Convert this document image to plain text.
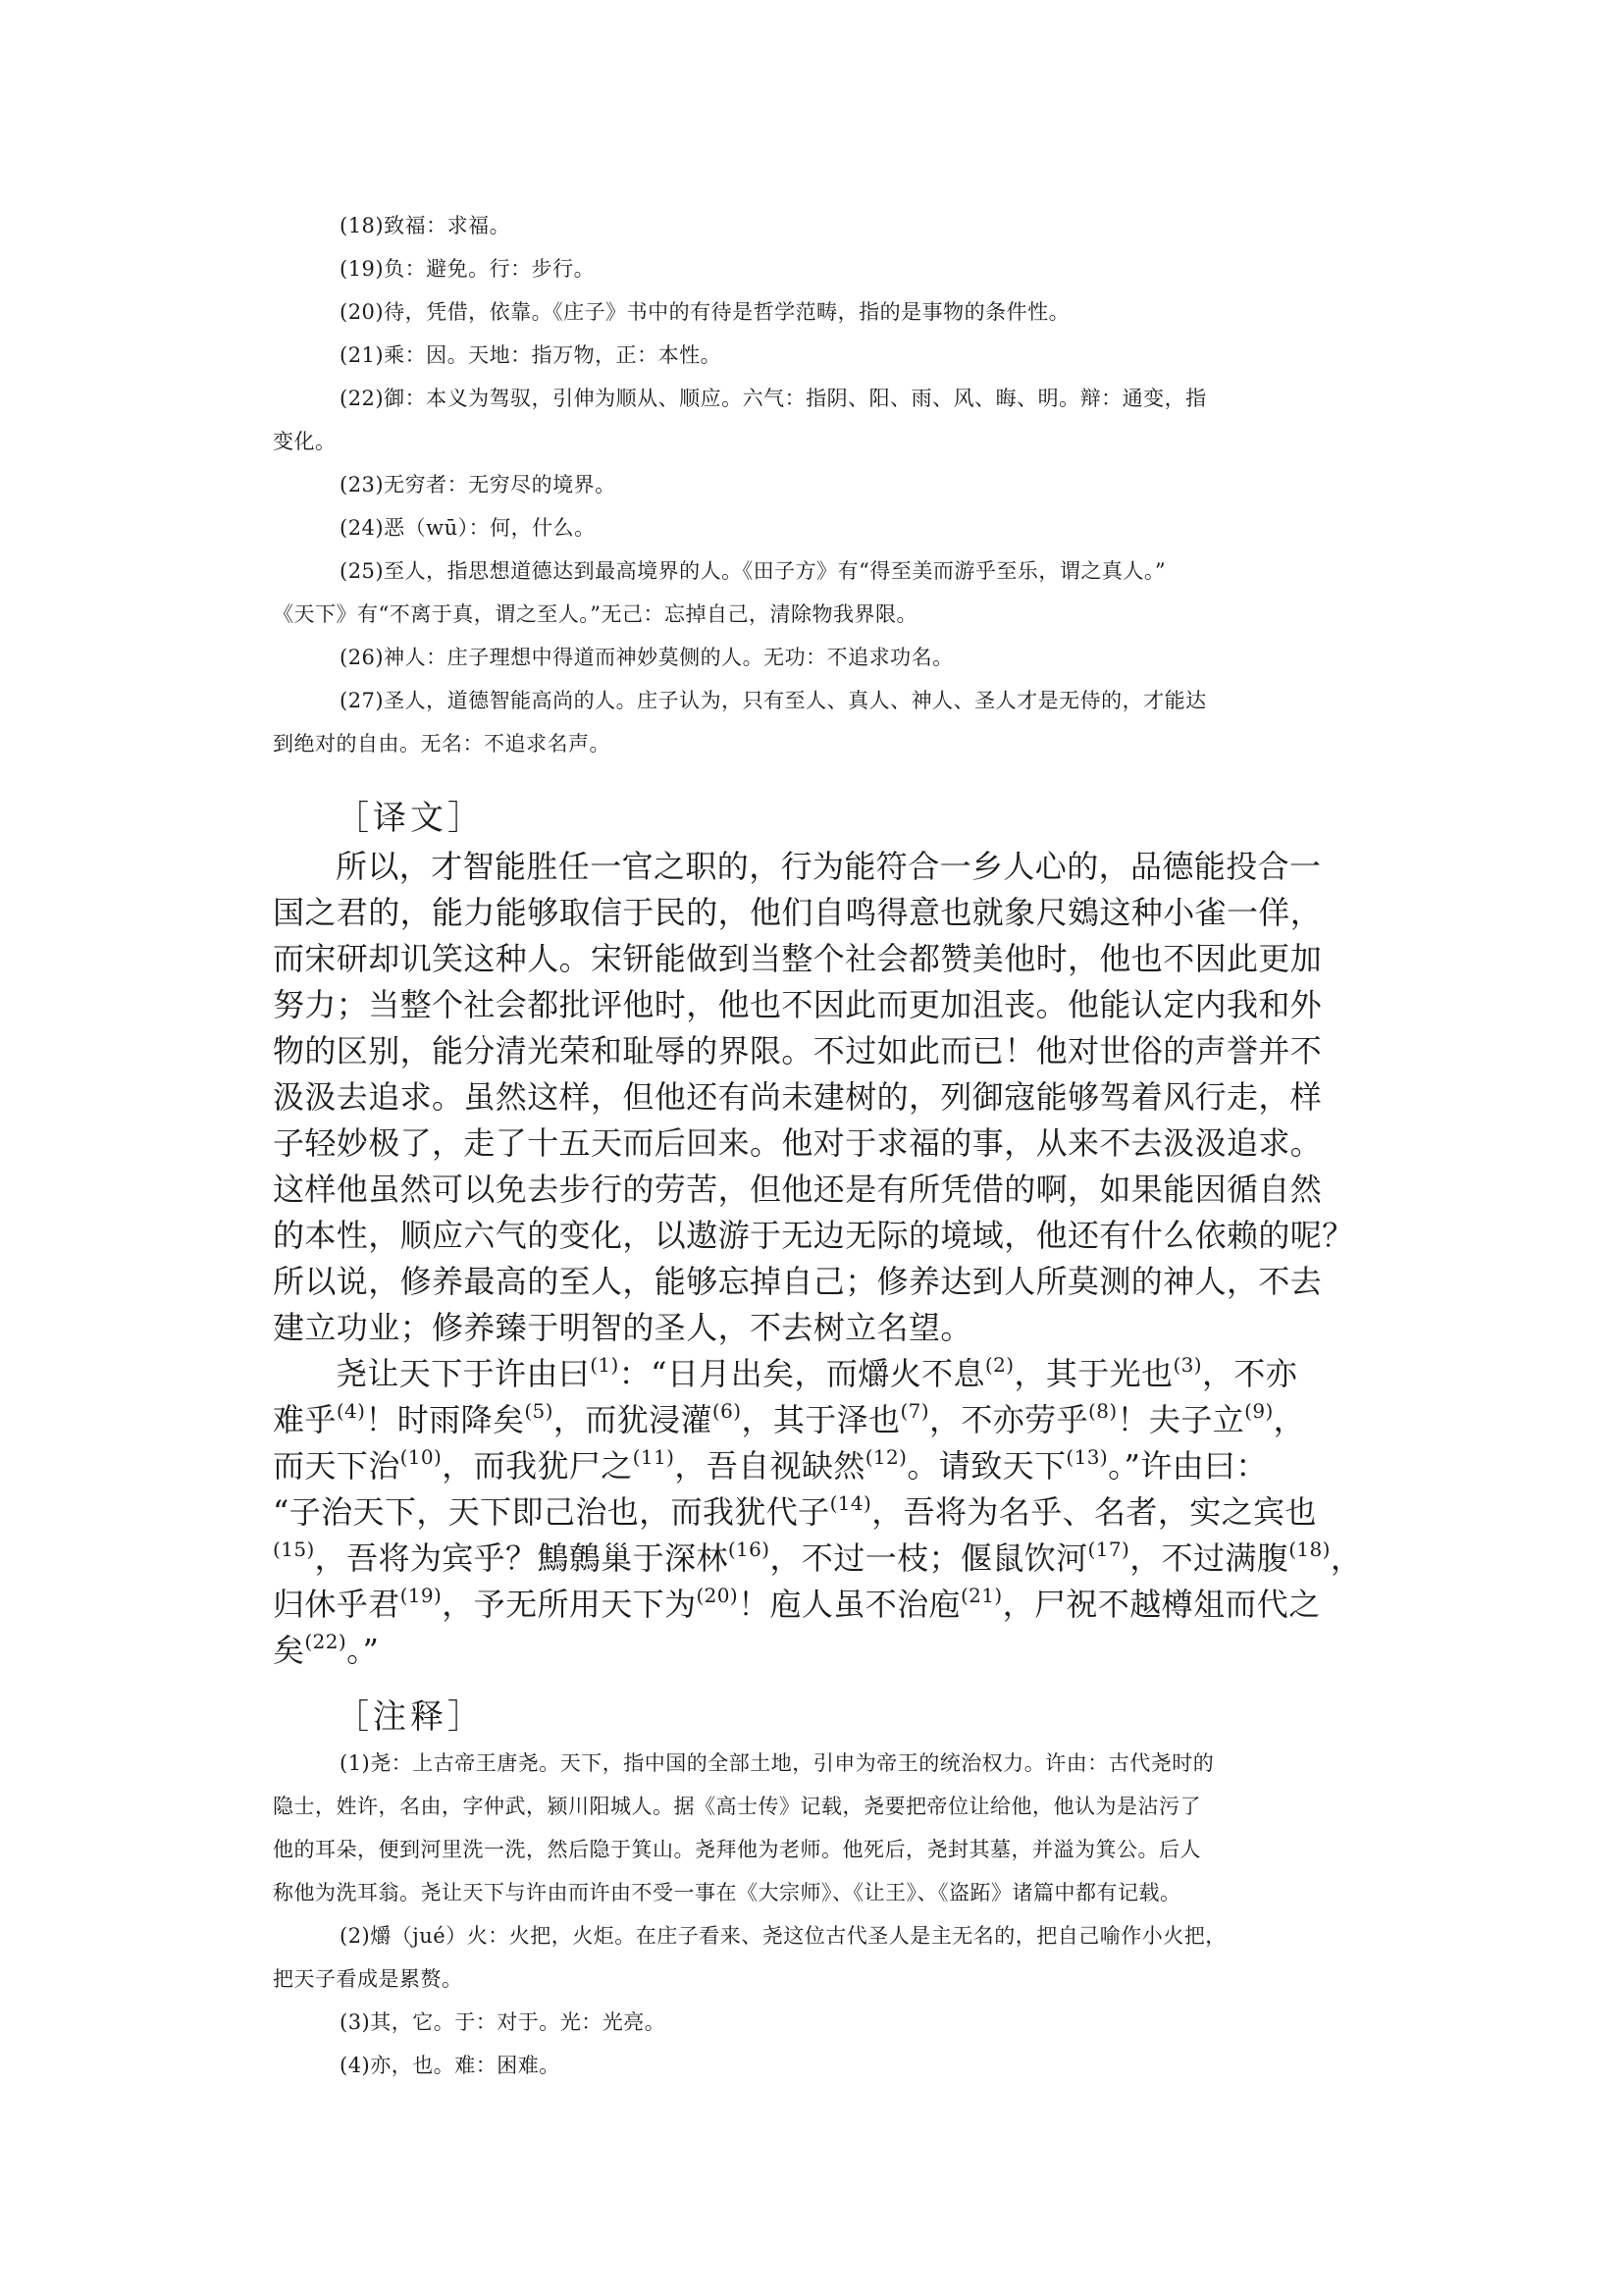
(18)致福：求福。

(19)负：避免。行：步行。

(20)待，凭借，依靠。《庄子》书中的有待是哲学范畴，指的是事物的条件性。

(21)乘：因。天地：指万物，正：本性。

(22)御：本义为驾驭，引伸为顺从、顺应。六气：指阴、阳、雨、风、晦、明。辩：通变，指
变化。

(23)无穷者：无穷尽的境界。

(24)恶（wū）：何，什么。

(25)至人，指思想道德达到最高境界的人。《田子方》有“得至美而游乎至乐，谓之真人。”
《天下》有“不离于真，谓之至人。”无己：忘掉自己，清除物我界限。

(26)神人：庄子理想中得道而神妙莫侧的人。无功：不追求功名。

(27)圣人，道德智能高尚的人。庄子认为，只有至人、真人、神人、圣人才是无侍的，才能达
到绝对的自由。无名：不追求名声。

［译文］
所以，才智能胜任一官之职的，行为能符合一乡人心的，品德能投合一
国之君的，能力能够取信于民的，他们自鸣得意也就象尺鴳这种小雀一佯，
而宋研却讥笑这种人。宋钘能做到当整个社会都赞美他时，他也不因此更加
努力；当整个社会都批评他时，他也不因此而更加沮丧。他能认定内我和外
物的区别，能分清光荣和耻辱的界限。不过如此而已！他对世俗的声誉并不
汲汲去追求。虽然这样，但他还有尚未建树的，列御寇能够驾着风行走，样
子轻妙极了，走了十五天而后回来。他对于求福的事，从来不去汲汲追求。
这样他虽然可以免去步行的劳苦，但他还是有所凭借的啊，如果能因循自然
的本性，顺应六气的变化，以遨游于无边无际的境域，他还有什么依赖的呢？
所以说，修养最高的至人，能够忘掉自己；修养达到人所莫测的神人，不去
建立功业；修养臻于明智的圣人，不去树立名望。
尧让天下于许由曰$^{(1)}$：“日月出矣，而爝火不息$^{(2)}$，其于光也$^{(3)}$，不亦
难乎$^{(4)}$！时雨降矣$^{(5)}$，而犹浸灌$^{(6)}$，其于泽也$^{(7)}$，不亦劳乎$^{(8)}$！夫子立$^{(9)}$，
而天下治$^{(10)}$，而我犹尸之$^{(11)}$，吾自视缺然$^{(12)}$。请致天下$^{(13)}$。”许由曰：
“子治天下，天下即己治也，而我犹代子$^{(14)}$，吾将为名乎、名者，实之宾也
$^{(15)}$，吾将为宾乎？鷦鷯巢于深林$^{(16)}$，不过一枝；偃鼠饮河$^{(17)}$，不过满腹$^{(18)}$，
归休乎君$^{(19)}$，予无所用天下为$^{(20)}$！庖人虽不治庖$^{(21)}$，尸祝不越樽俎而代之
矣$^{(22)}$。”
［注释］
(1)尧：上古帝王唐尧。天下，指中国的全部土地，引申为帝王的统治权力。许由：古代尧时的
隐士，姓许，名由，字仲武，颍川阳城人。据《高士传》记载，尧要把帝位让给他，他认为是沾污了
他的耳朵，便到河里洗一洗，然后隐于箕山。尧拜他为老师。他死后，尧封其墓，并溢为箕公。后人
称他为洗耳翁。尧让天下与许由而许由不受一事在《大宗师》、《让王》、《盗跖》诸篇中都有记载。
(2)爝（jué）火：火把，火炬。在庄子看来、尧这位古代圣人是主无名的，把自己喻作小火把，
把天子看成是累赘。
(3)其，它。于：对于。光：光亮。
(4)亦，也。难：困难。
